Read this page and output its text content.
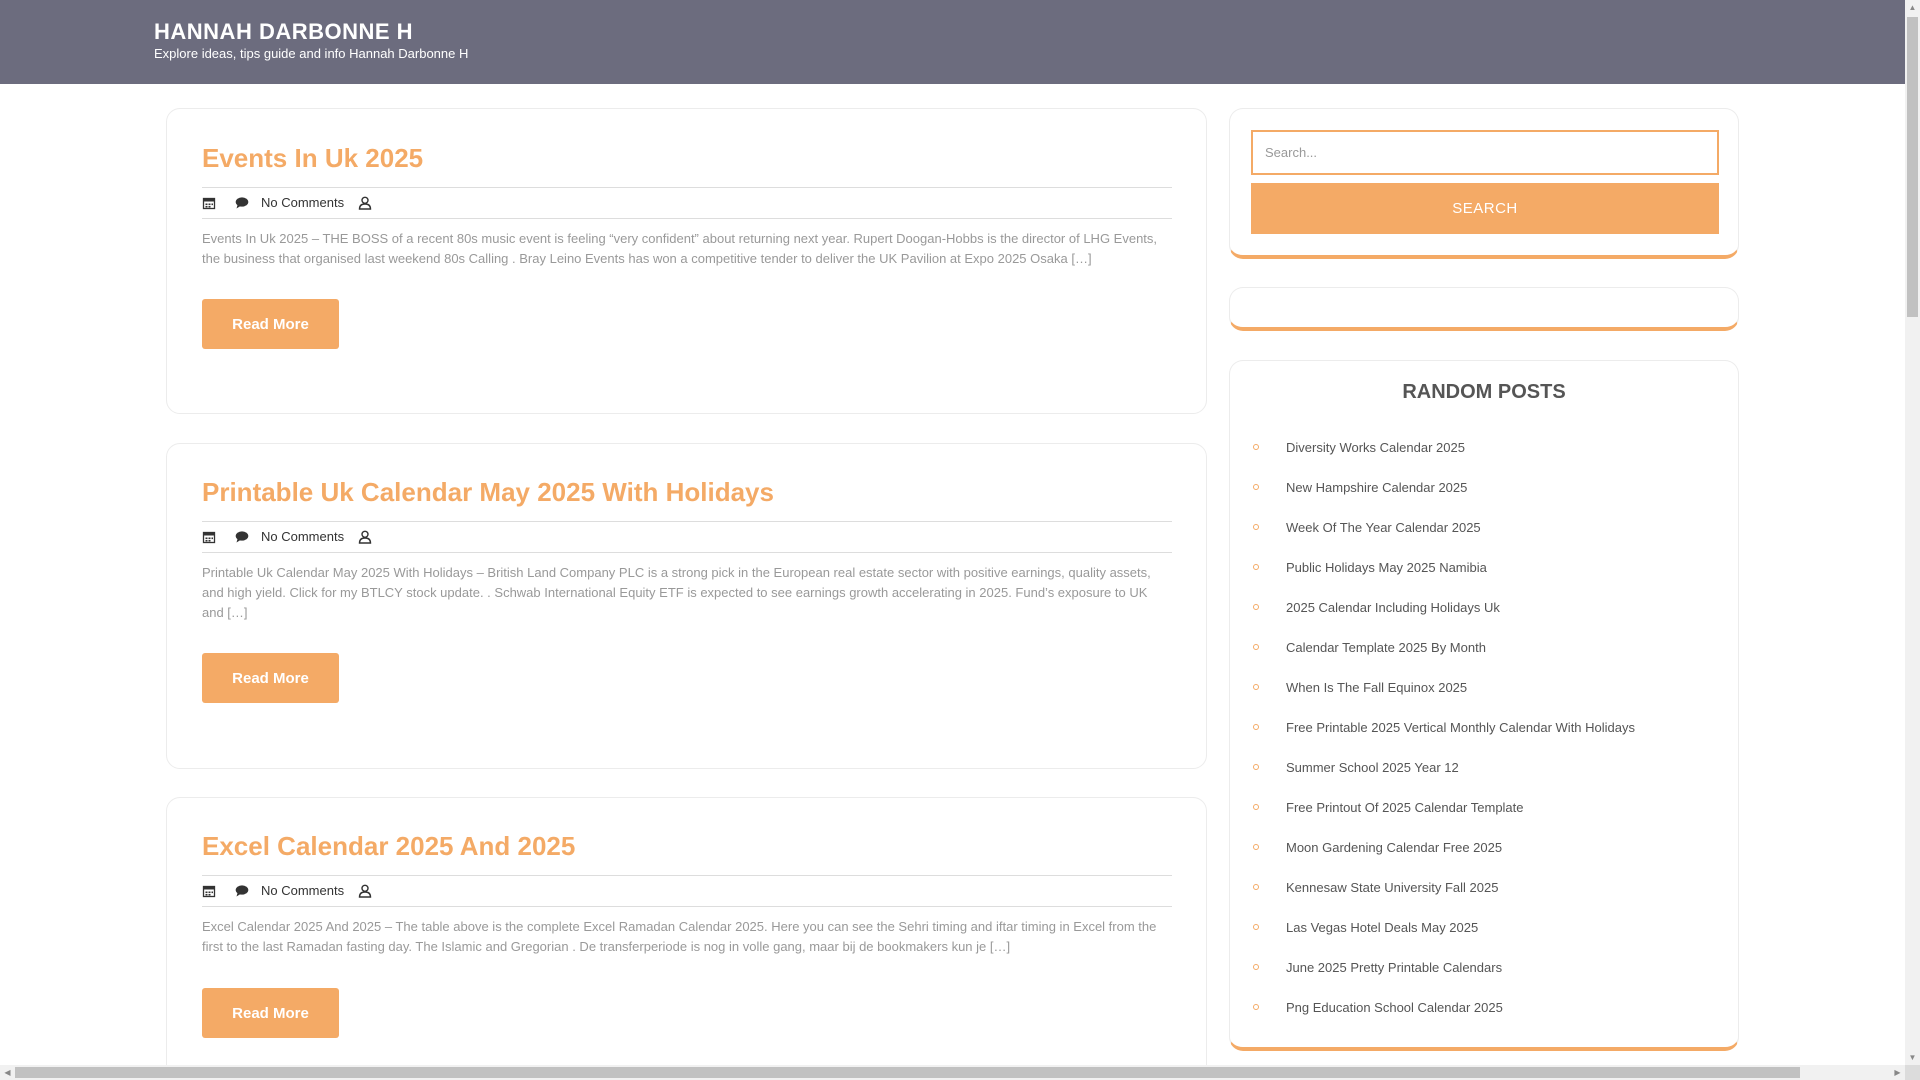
HANNAH DARBONNE H
Explore ideas, tips guide and info Hannah Darbonne H
Events In Uk 2025
No Comments

Events In Uk 2025 – THE BOSS of a recent 80s music event is feeling “very confident” about returning next year. Rupert Doogan-Hobbs is the director of LHG Events, the business that organised last weekend 80s Calling . Bray Leino Events has won a competitive tender to deliver the UK Pavilion at Expo 2025 Osaka […]

Read More
Printable Uk Calendar May 2025 With Holidays
No Comments

Printable Uk Calendar May 2025 With Holidays – British Land Company PLC is a strong pick in the European real estate sector with positive earnings, quality assets, and high yield. Click for my BTLCY stock update. . Schwab International Equity ETF is expected to see earnings growth accelerating in 2025. Fund’s exposure to UK and […]

Read More
Excel Calendar 2025 And 2025
No Comments

Excel Calendar 2025 And 2025 – The table above is the complete Excel Ramadan Calendar 2025. Here you can see the Sehri timing and iftar timing in Excel from the first to the last Ramadan fasting day. The Islamic and Gregorian . De transferperiode is nog in volle gang, maar bij de bookmakers kun je […]

Read More
Search...
SEARCH
RANDOM POSTS
Diversity Works Calendar 2025
New Hampshire Calendar 2025
Week Of The Year Calendar 2025
Public Holidays May 2025 Namibia
2025 Calendar Including Holidays Uk
Calendar Template 2025 By Month
When Is The Fall Equinox 2025
Free Printable 2025 Vertical Monthly Calendar With Holidays
Summer School 2025 Year 12
Free Printout Of 2025 Calendar Template
Moon Gardening Calendar Free 2025
Kennesaw State University Fall 2025
Las Vegas Hotel Deals May 2025
June 2025 Pretty Printable Calendars
Png Education School Calendar 2025
▲
▼
◀	▶
